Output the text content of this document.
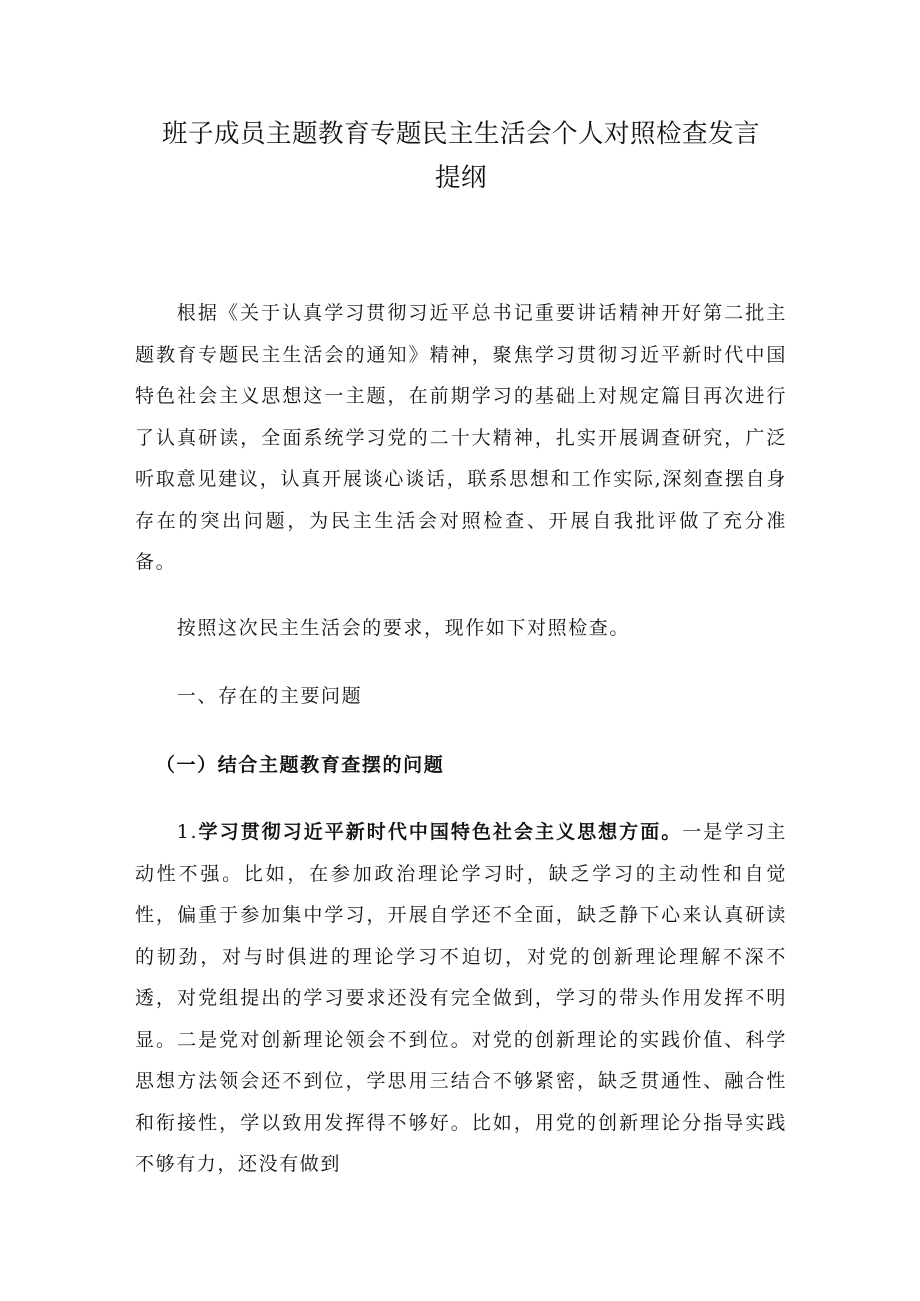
班子成员主题教育专题民主生活会个人对照检查发言
提纲

根据《关于认真学习贯彻习近平总书记重要讲话精神开好第二批主题教育专题民主生活会的通知》精神，聚焦学习贯彻习近平新时代中国特色社会主义思想这一主题，在前期学习的基础上对规定篇目再次进行了认真研读，全面系统学习党的二十大精神，扎实开展调查研究，广泛听取意见建议，认真开展谈心谈话，联系思想和工作实际,深刻查摆自身存在的突出问题，为民主生活会对照检查、开展自我批评做了充分准备。

按照这次民主生活会的要求，现作如下对照检查。

一、存在的主要问题

（一）结合主题教育查摆的问题

1.学习贯彻习近平新时代中国特色社会主义思想方面。一是学习主动性不强。比如，在参加政治理论学习时，缺乏学习的主动性和自觉性，偏重于参加集中学习，开展自学还不全面，缺乏静下心来认真研读的韧劲，对与时俱进的理论学习不迫切，对党的创新理论理解不深不透，对党组提出的学习要求还没有完全做到，学习的带头作用发挥不明显。二是党对创新理论领会不到位。对党的创新理论的实践价值、科学思想方法领会还不到位，学思用三结合不够紧密，缺乏贯通性、融合性和衔接性，学以致用发挥得不够好。比如，用党的创新理论分指导实践不够有力，还没有做到
